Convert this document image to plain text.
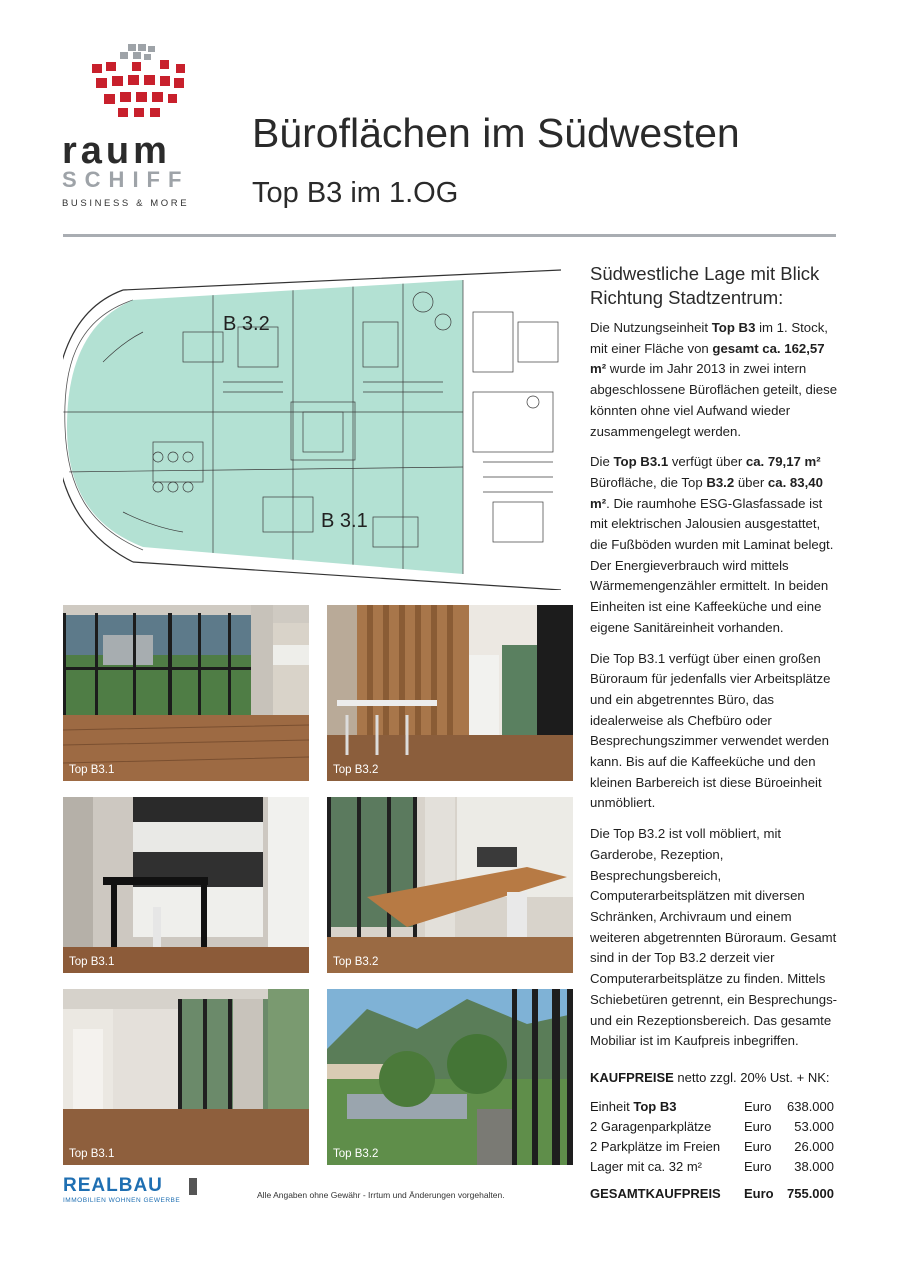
raum
SCHIFF
BUSINESS & MORE
Büroflächen im Südwesten
Top B3 im 1.OG
B 3.2
B 3.1
Top B3.1	Top B3.2
Top B3.1	Top B3.2
Top B3.1	Top B3.2
Südwestliche Lage mit Blick Richtung Stadtzentrum:

Die Nutzungseinheit Top B3 im 1. Stock, mit einer Fläche von gesamt ca. 162,57 m² wurde im Jahr 2013 in zwei intern abgeschlossene Büroflächen geteilt, diese könnten ohne viel Aufwand wieder zusammengelegt werden.

Die Top B3.1 verfügt über ca. 79,17 m² Bürofläche, die Top B3.2 über ca. 83,40 m². Die raumhohe ESG-Glasfassade ist mit elektrischen Jalousien ausgestattet, die Fußböden wurden mit Laminat belegt. Der Energieverbrauch wird mittels Wärmemengenzähler ermittelt. In beiden Einheiten ist eine Kaffeeküche und eine eigene Sanitäreinheit vorhanden.

Die Top B3.1 verfügt über einen großen Büroraum für jedenfalls vier Arbeitsplätze und ein abgetrenntes Büro, das idealerweise als Chefbüro oder Besprechungszimmer verwendet werden kann. Bis auf die Kaffeeküche und den kleinen Barbereich ist diese Büroeinheit unmöbliert.

Die Top B3.2 ist voll möbliert, mit Garderobe, Rezeption, Besprechungsbereich, Computerarbeitsplätzen mit diversen Schränken, Archivraum und einem weiteren abgetrennten Büroraum. Gesamt sind in der Top B3.2 derzeit vier Computerarbeitsplätze zu finden. Mittels Schiebetüren getrennt, ein Besprechungs- und ein Rezeptionsbereich. Das gesamte Mobiliar ist im Kaufpreis inbegriffen.

KAUFPREISE netto zzgl. 20% Ust. + NK:
Einheit Top B3	Euro 638.000
2 Garagenparkplätze	Euro 53.000
2 Parkplätze im Freien Euro 26.000
Lager mit ca. 32 m²	Euro 38.000
GESAMTKAUFPREIS Euro 755.000
REALBAU
IMMOBILIEN WOHNEN GEWERBE
Alle Angaben ohne Gewähr - Irrtum und Änderungen vorgehalten.
